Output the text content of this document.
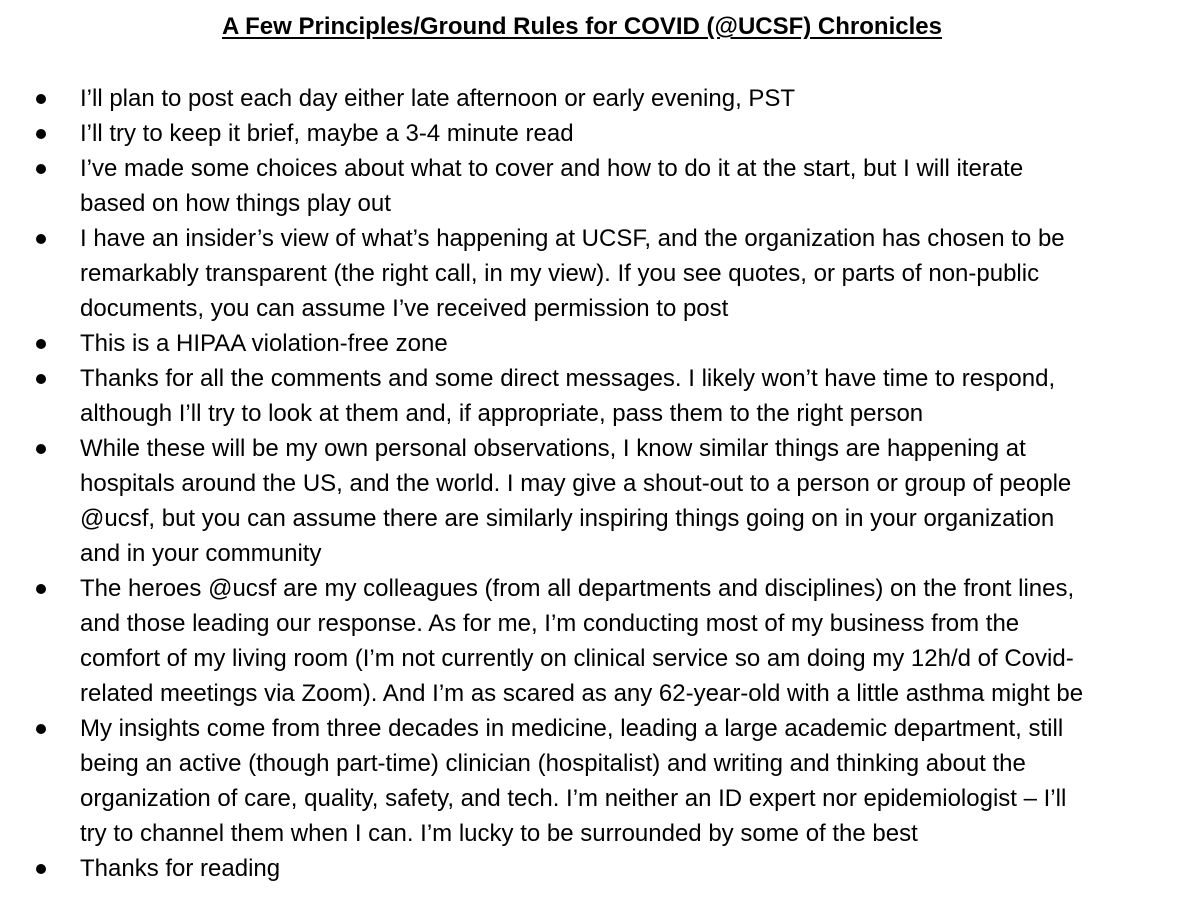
A Few Principles/Ground Rules for COVID (@UCSF) Chronicles
I’ll plan to post each day either late afternoon or early evening, PST
I’ll try to keep it brief, maybe a 3-4 minute read
I’ve made some choices about what to cover and how to do it at the start, but I will iterate
based on how things play out
I have an insider’s view of what’s happening at UCSF, and the organization has chosen to be
remarkably transparent (the right call, in my view). If you see quotes, or parts of non-public
documents, you can assume I’ve received permission to post
This is a HIPAA violation-free zone
Thanks for all the comments and some direct messages. I likely won’t have time to respond,
although I’ll try to look at them and, if appropriate, pass them to the right person
While these will be my own personal observations, I know similar things are happening at
hospitals around the US, and the world. I may give a shout-out to a person or group of people
@ucsf, but you can assume there are similarly inspiring things going on in your organization
and in your community
The heroes @ucsf are my colleagues (from all departments and disciplines) on the front lines,
and those leading our response. As for me, I’m conducting most of my business from the
comfort of my living room (I’m not currently on clinical service so am doing my 12h/d of Covid-
related meetings via Zoom). And I’m as scared as any 62-year-old with a little asthma might be
My insights come from three decades in medicine, leading a large academic department, still
being an active (though part-time) clinician (hospitalist) and writing and thinking about the
organization of care, quality, safety, and tech. I’m neither an ID expert nor epidemiologist – I’ll
try to channel them when I can. I’m lucky to be surrounded by some of the best
Thanks for reading
